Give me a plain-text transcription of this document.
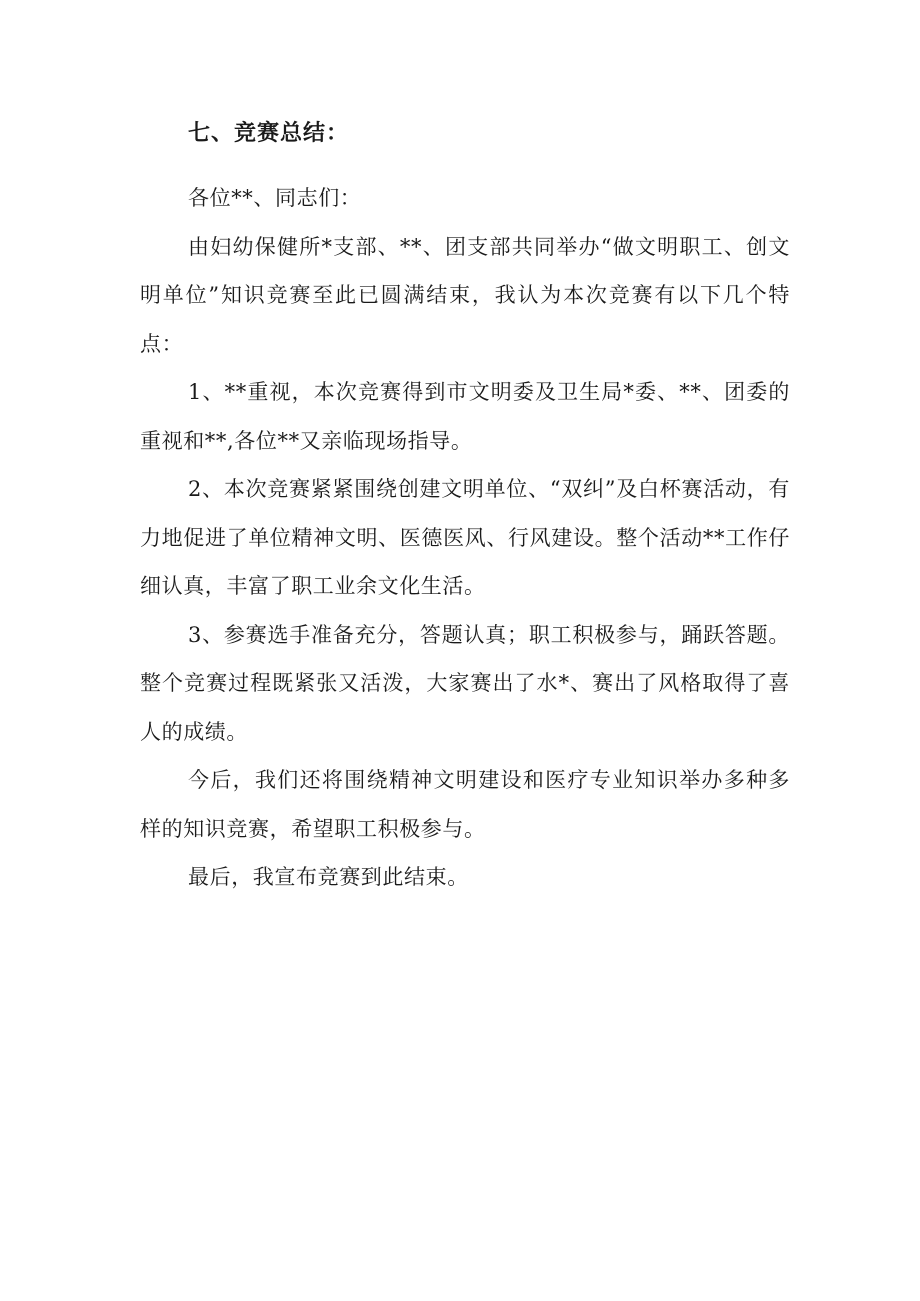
七、竞赛总结：

各位**、同志们：

由妇幼保健所*支部、**、团支部共同举办“做文明职工、创文明单位”知识竞赛至此已圆满结束，我认为本次竞赛有以下几个特点：

1、**重视，本次竞赛得到市文明委及卫生局*委、**、团委的重视和**,各位**又亲临现场指导。

2、本次竞赛紧紧围绕创建文明单位、“双纠”及白杯赛活动，有力地促进了单位精神文明、医德医风、行风建设。整个活动**工作仔细认真，丰富了职工业余文化生活。

3、参赛选手准备充分，答题认真；职工积极参与，踊跃答题。整个竞赛过程既紧张又活泼，大家赛出了水*、赛出了风格取得了喜人的成绩。

今后，我们还将围绕精神文明建设和医疗专业知识举办多种多样的知识竞赛，希望职工积极参与。

最后，我宣布竞赛到此结束。
